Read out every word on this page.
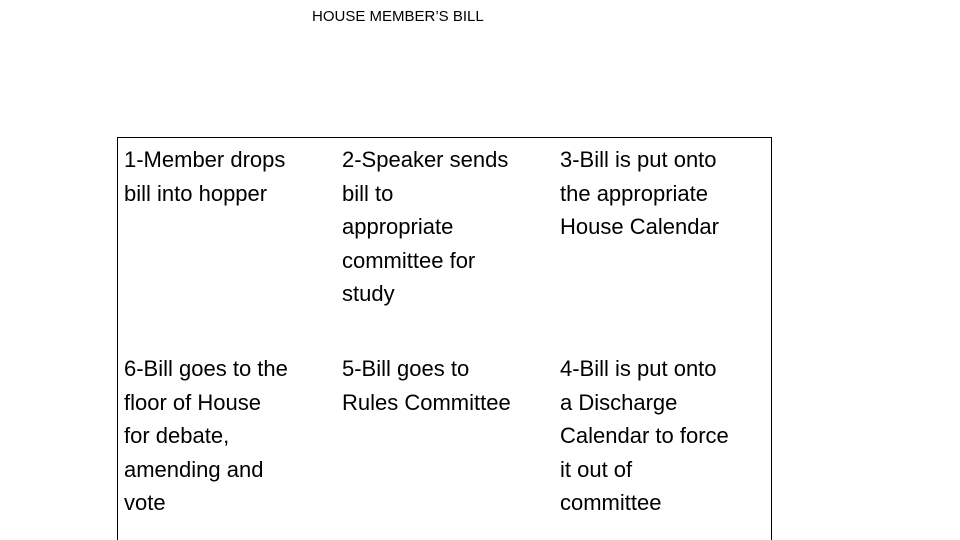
HOUSE MEMBER’S BILL
1-Member drops
bill into hopper
2-Speaker sends
bill to
appropriate
committee for
study
3-Bill is put onto
the appropriate
House Calendar
6-Bill goes to the
floor of House
for debate,
amending and
vote
5-Bill goes to
Rules Committee
4-Bill is put onto
a Discharge
Calendar to force
it out of
committee
